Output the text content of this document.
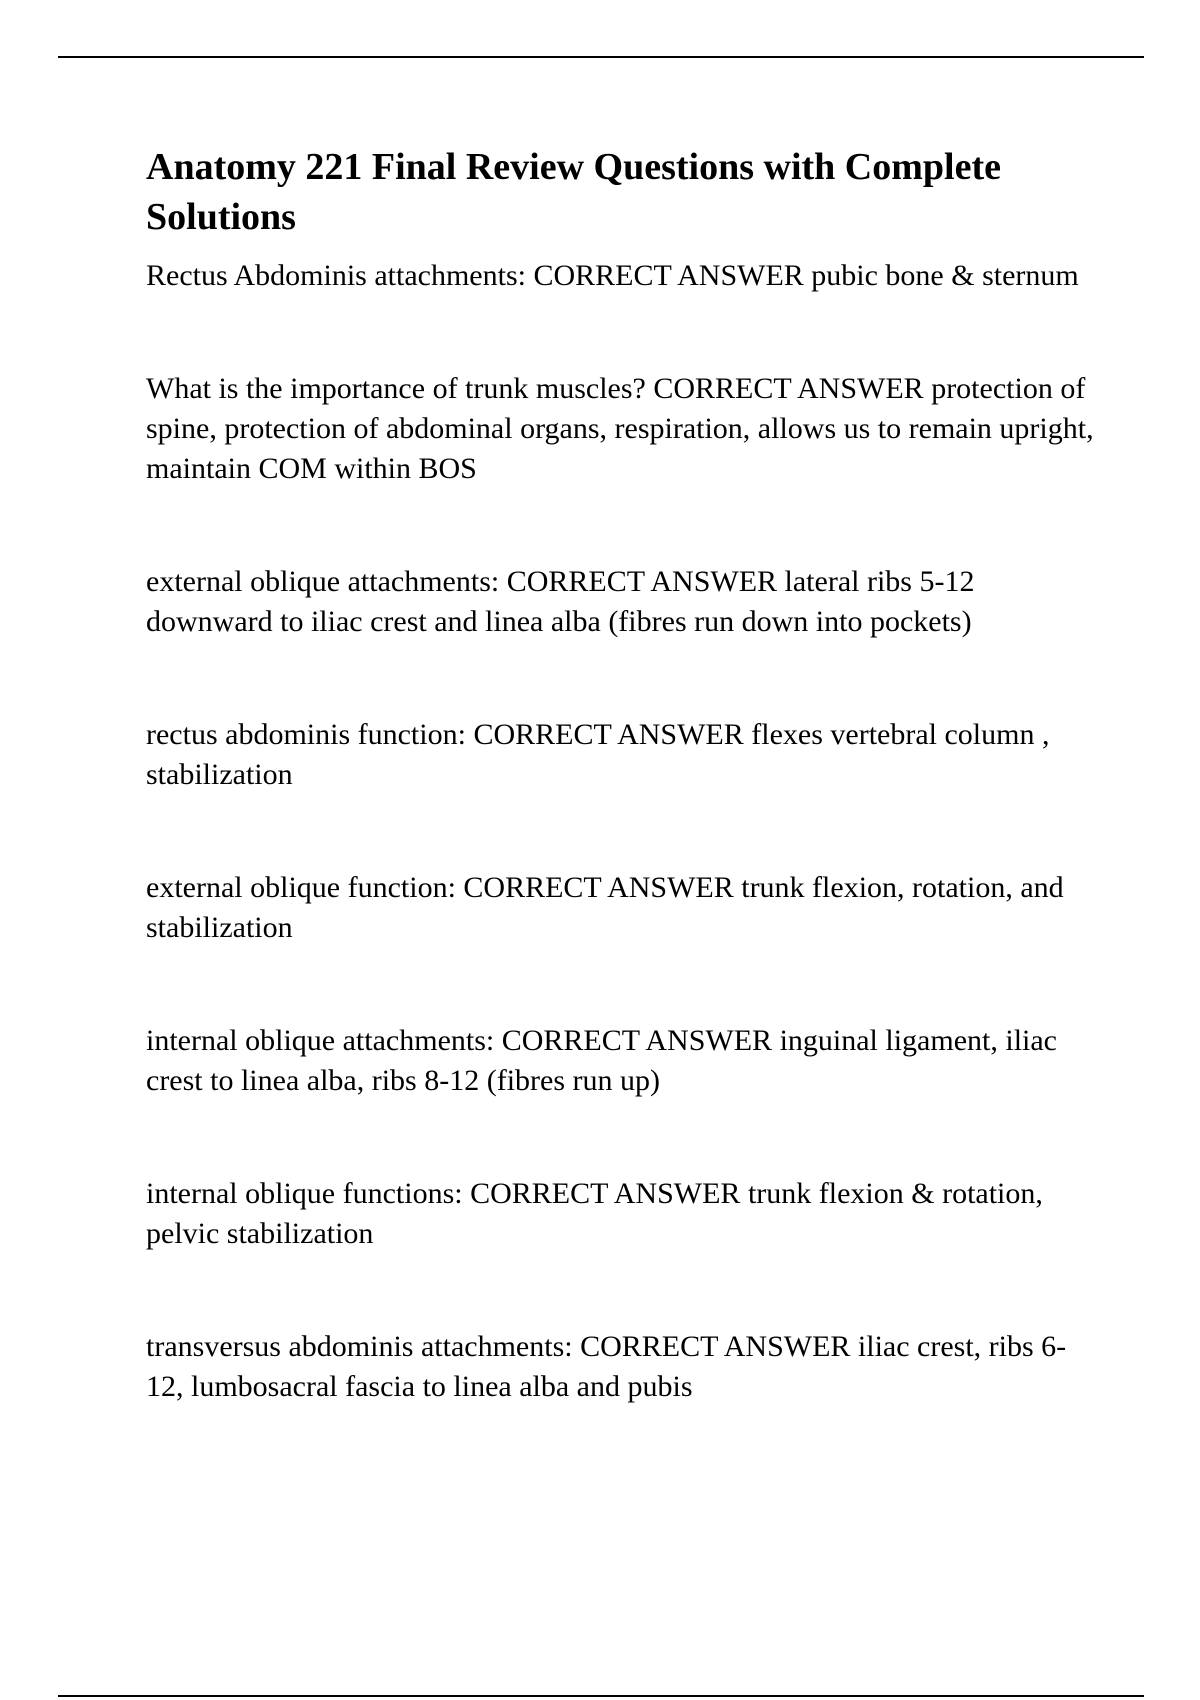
Anatomy 221 Final Review Questions with Complete Solutions

Rectus Abdominis attachments: CORRECT ANSWER pubic bone & sternum

What is the importance of trunk muscles? CORRECT ANSWER protection of spine, protection of abdominal organs, respiration, allows us to remain upright, maintain COM within BOS

external oblique attachments: CORRECT ANSWER lateral ribs 5-12 downward to iliac crest and linea alba (fibres run down into pockets)

rectus abdominis function: CORRECT ANSWER flexes vertebral column , stabilization

external oblique function: CORRECT ANSWER trunk flexion, rotation, and stabilization

internal oblique attachments: CORRECT ANSWER inguinal ligament, iliac crest to linea alba, ribs 8-12 (fibres run up)

internal oblique functions: CORRECT ANSWER trunk flexion & rotation, pelvic stabilization

transversus abdominis attachments: CORRECT ANSWER iliac crest, ribs 6-12, lumbosacral fascia to linea alba and pubis
